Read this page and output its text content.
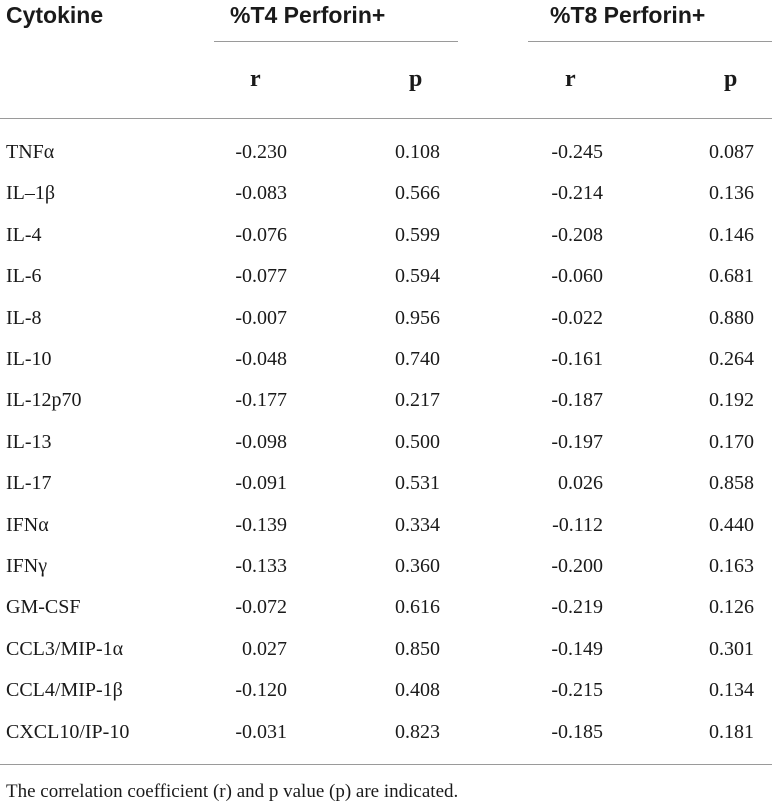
Cytokine	%T4 Perforin+	%T8 Perforin+
r	p	r	p
TNFα	-0.230	0.108	-0.245	0.087
IL–1β	-0.083	0.566	-0.214	0.136
IL-4	-0.076	0.599	-0.208	0.146
IL-6	-0.077	0.594	-0.060	0.681
IL-8	-0.007	0.956	-0.022	0.880
IL-10	-0.048	0.740	-0.161	0.264
IL-12p70	-0.177	0.217	-0.187	0.192
IL-13	-0.098	0.500	-0.197	0.170
IL-17	-0.091	0.531	0.026	0.858
IFNα	-0.139	0.334	-0.112	0.440
IFNγ	-0.133	0.360	-0.200	0.163
GM-CSF	-0.072	0.616	-0.219	0.126
CCL3/MIP-1α	0.027	0.850	-0.149	0.301
CCL4/MIP-1β	-0.120	0.408	-0.215	0.134
CXCL10/IP-10	-0.031	0.823	-0.185	0.181
The correlation coefficient (r) and p value (p) are indicated.
